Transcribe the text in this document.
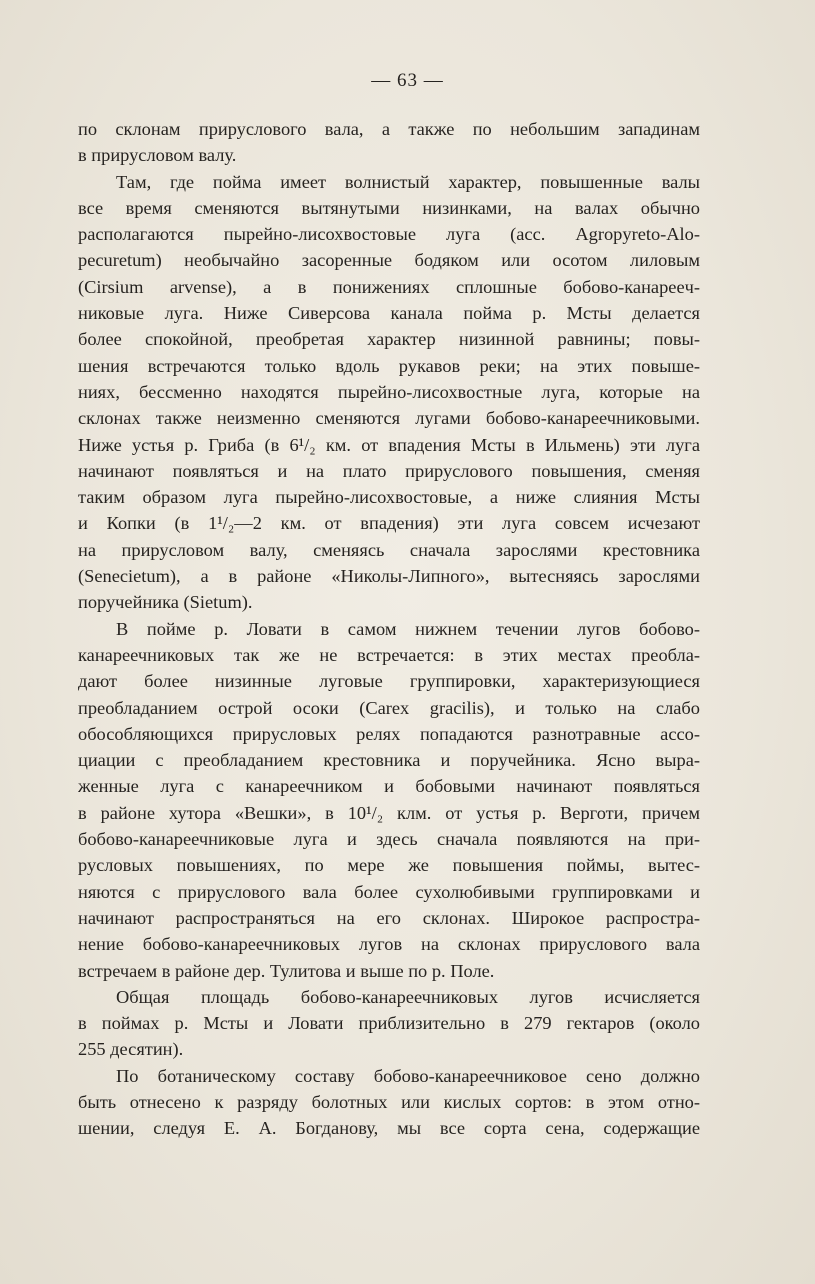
— 63 —

по склонам прируслового вала, а также по небольшим западинам

в прирусловом валу.

Там, где пойма имеет волнистый характер, повышенные валы

все время сменяются вытянутыми низинками, на валах обычно

располагаются пырейно-лисохвостовые луга (асс. Agropyreto-Alo-

pecuretum) необычайно засоренные бодяком или осотом лиловым

(Cirsium arvense), а в понижениях сплошные бобово-канареeч-

никовые луга. Ниже Сиверсова канала пойма р. Мсты делается

более спокойной, преобретая характер низинной равнины; повы-

шения встречаются только вдоль рукавов реки; на этих повыше-

ниях, бессменно находятся пырейно-лисохвостные луга, которые на

склонах также неизменно сменяются лугами бобово-канареечниковыми.

Ниже устья р. Гриба (в 6¹/₂ км. от впадения Мсты в Ильмень) эти луга

начинают появляться и на плато прируслового повышения, сменяя

таким образом луга пырейно-лисохвостовые, а ниже слияния Мсты

и Копки (в 1¹/₂—2 км. от впадения) эти луга совсем исчезают

на прирусловом валу, сменяясь сначала зарослями крестовника

(Senecietum), а в районе «Николы-Липного», вытесняясь зарослями

поручейника (Sietum).

В пойме р. Ловати в самом нижнем течении лугов бобово-

канареечниковых так же не встречается: в этих местах преобла-

дают более низинные луговые группировки, характеризующиеся

преобладанием острой осоки (Carex gracilis), и только на слабо

обособляющихся прирусловых релях попадаются разнотравные ассо-

циации с преобладанием крестовника и поручейника. Ясно выра-

женные луга с канареечником и бобовыми начинают появляться

в районе хутора «Вешки», в 10¹/₂ клм. от устья р. Верготи, причем

бобово-канареечниковые луга и здесь сначала появляются на при-

русловых повышениях, по мере же повышения поймы, вытес-

няются с прируслового вала более сухолюбивыми группировками и

начинают распространяться на его склонах. Широкое распростра-

нение бобово-канареечниковых лугов на склонах прируслового вала

встречаем в районе дер. Тулитова и выше по р. Поле.

Общая площадь бобово-канареечниковых лугов исчисляется

в поймах р. Мсты и Ловати приблизительно в 279 гектаров (около

255 десятин).

По ботаническому составу бобово-канареечниковое сено должно

быть отнесено к разряду болотных или кислых сортов: в этом отно-

шении, следуя Е. А. Богданову, мы все сорта сена, содержащие
